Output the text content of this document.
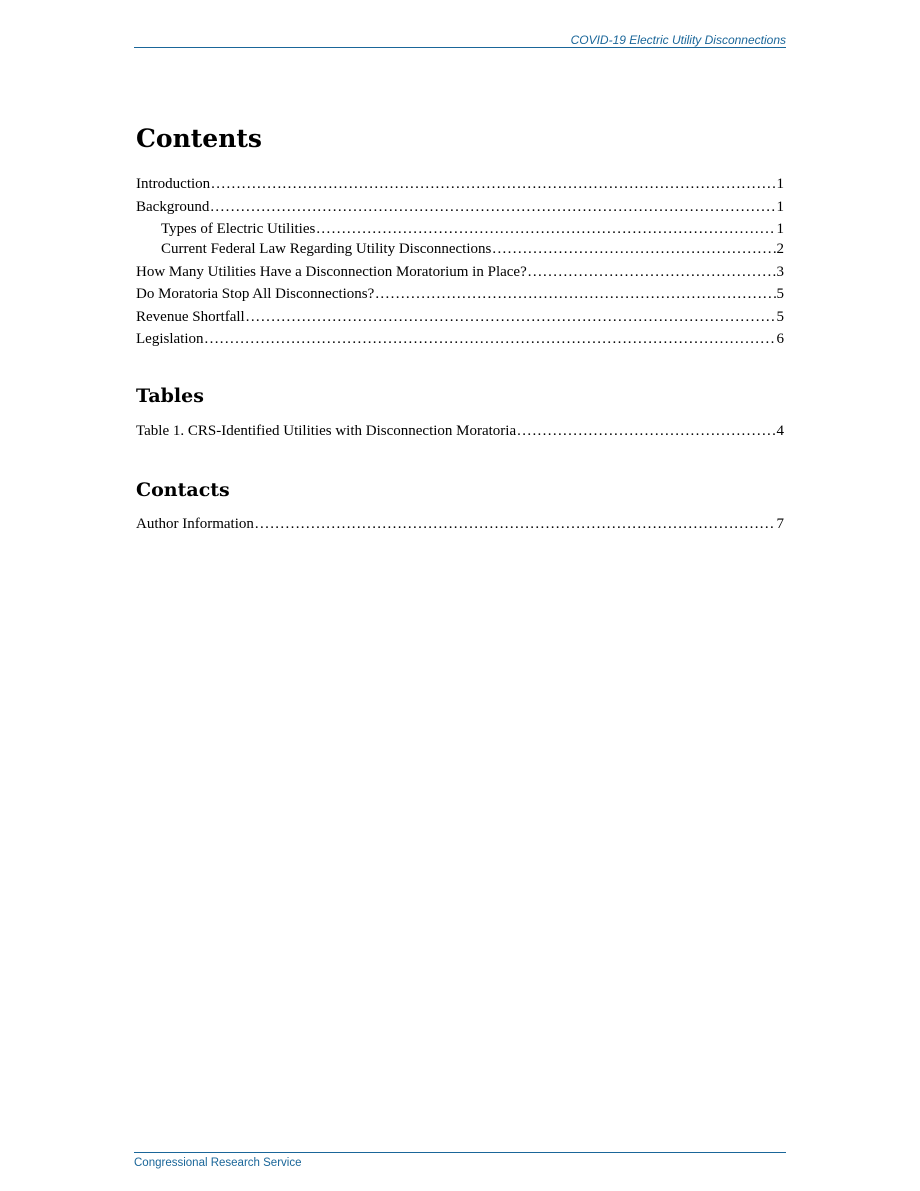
COVID-19 Electric Utility Disconnections
Contents
Introduction . . .	1
Background . . .	1
Types of Electric Utilities . . .	1
Current Federal Law Regarding Utility Disconnections . . .	2
How Many Utilities Have a Disconnection Moratorium in Place? . . .	3
Do Moratoria Stop All Disconnections? . . .	5
Revenue Shortfall . . .	5
Legislation . . .	6
Tables
Table 1. CRS-Identified Utilities with Disconnection Moratoria . . .	4
Contacts
Author Information . . .	7
Congressional Research Service
